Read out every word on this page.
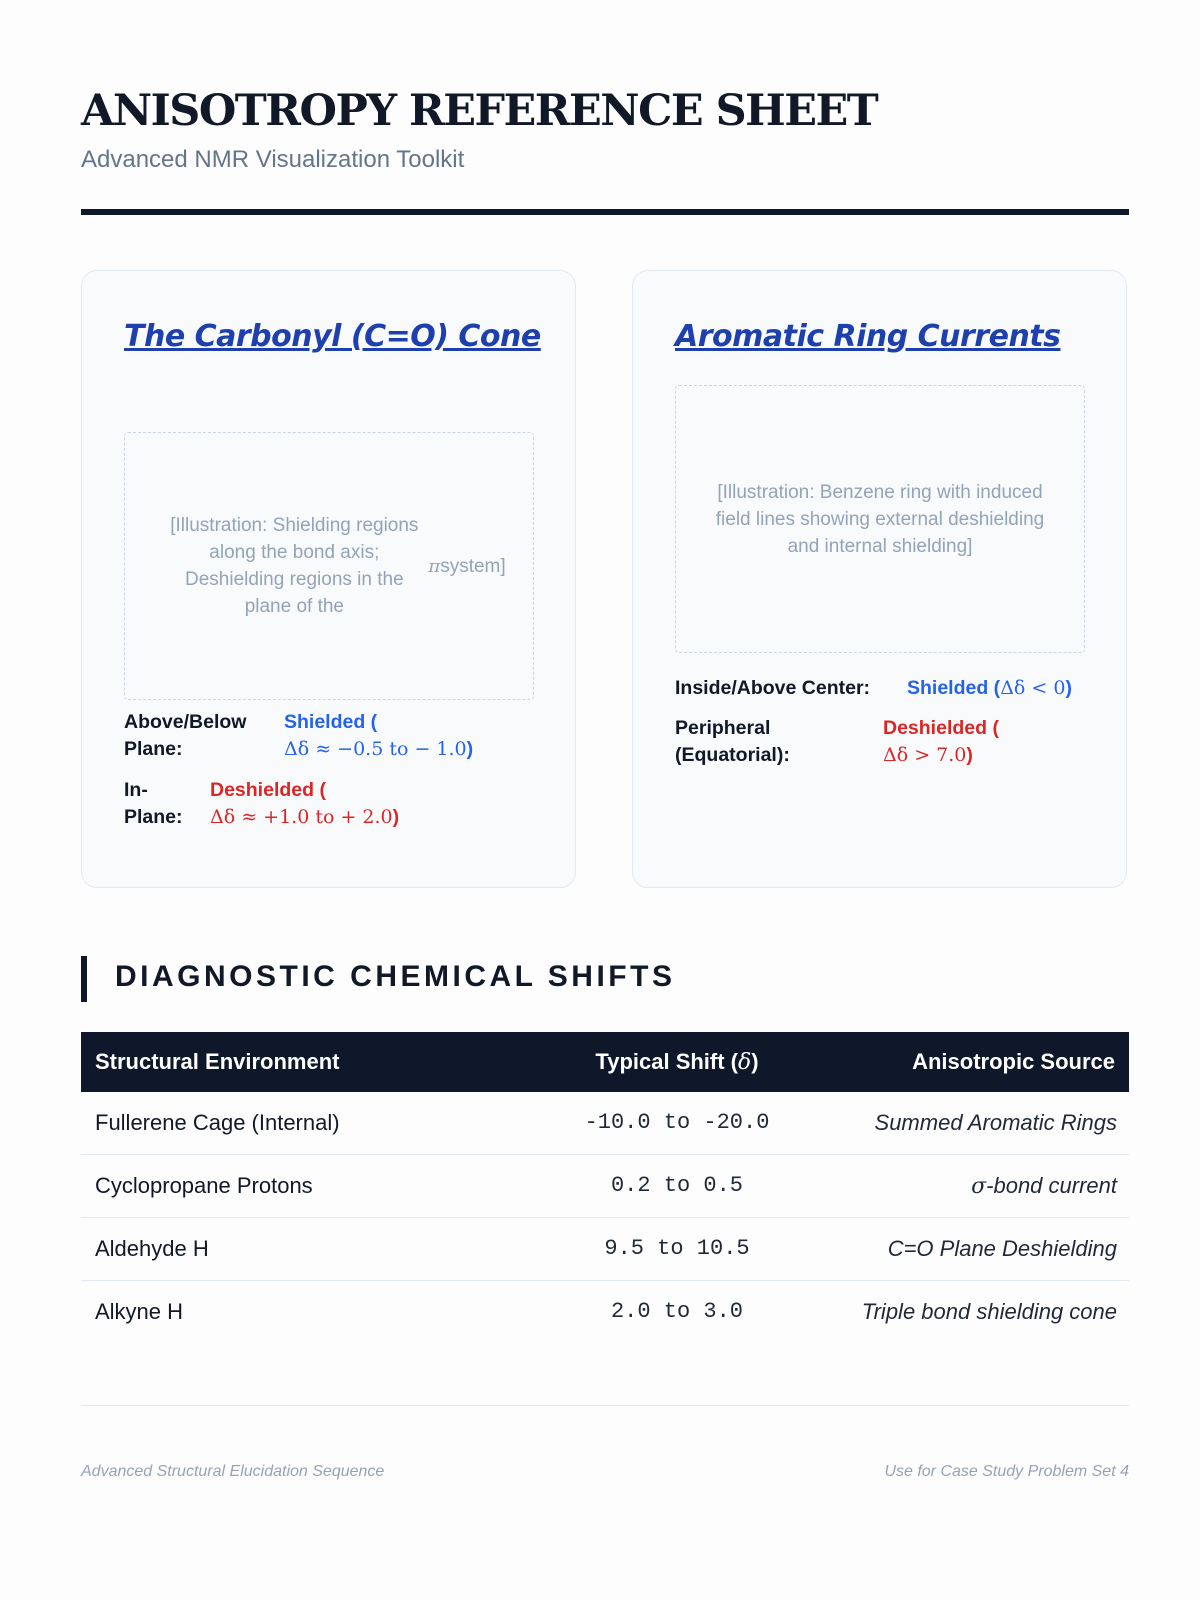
ANISOTROPY REFERENCE SHEET
Advanced NMR Visualization Toolkit
The Carbonyl (C=O) Cone
[Illustration: Shielding regions along the bond axis; Deshielding regions in the plane of the
πsystem]
Above/Below Plane:
Shielded (
Δδ ≈ −0.5 to − 1.0)
In-Plane:
Deshielded (
Δδ ≈ +1.0 to + 2.0)
Aromatic Ring Currents
[Illustration: Benzene ring with induced field lines showing external deshielding and internal shielding]
Inside/Above Center: Shielded (Δδ < 0)
Peripheral (Equatorial):
Deshielded (
Δδ > 7.0)
DIAGNOSTIC CHEMICAL SHIFTS
Structural Environment	Typical Shift (δ)	Anisotropic Source
Fullerene Cage (Internal)	-10.0 to -20.0	Summed Aromatic Rings
Cyclopropane Protons	0.2 to 0.5	σ-bond current
Aldehyde H	9.5 to 10.5	C=O Plane Deshielding
Alkyne H	2.0 to 3.0	Triple bond shielding cone
Advanced Structural Elucidation Sequence	Use for Case Study Problem Set 4
